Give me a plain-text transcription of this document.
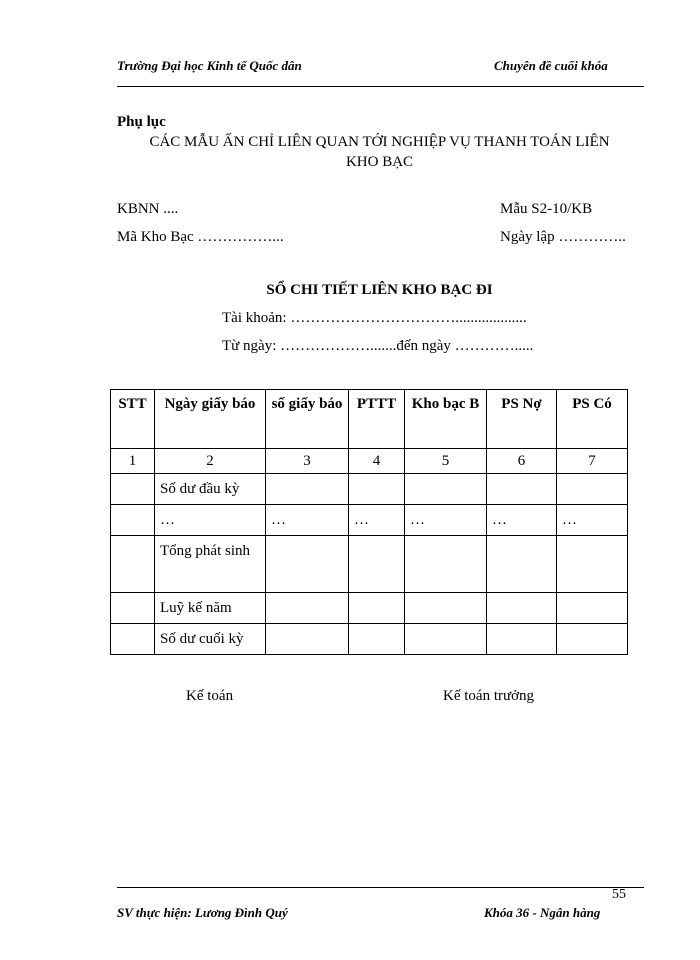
Trường Đại học Kinh tế Quốc dân	Chuyên đề cuối khóa
Phụ lục
CÁC MẪU ẤN CHỈ LIÊN QUAN TỚI NGHIỆP VỤ THANH TOÁN LIÊN
KHO BẠC
KBNN ....	Mẫu S2-10/KB
Mã Kho Bạc ……………...	Ngày lập …………..
SỔ CHI TIẾT LIÊN KHO BẠC ĐI
Tài khoản: ……………………………...................
Từ ngày: ……………….......đến ngày ………….....
STT	Ngày giấy báo	số giấy báo	PTTT	Kho bạc B	PS Nợ	PS Có
1	2	3	4	5	6	7
	Số dư đầu kỳ					
	…	…	…	…	…	…
	Tổng phát sinh					
	Luỹ kế năm					
	Số dư cuối kỳ					
Kế toán	Kế toán trưởng
55
SV thực hiện: Lương Đình Quý	Khóa 36 - Ngân hàng
